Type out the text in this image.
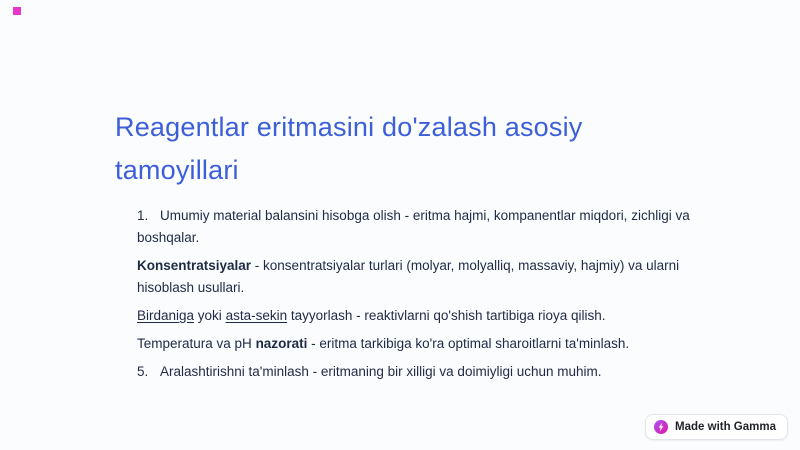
Reagentlar eritmasini do'zalash asosiy tamoyillari
1. Umumiy material balansini hisobga olish - eritma hajmi, kompanentlar miqdori, zichligi va boshqalar.
Konsentratsiyalar - konsentratsiyalar turlari (molyar, molyalliq, massaviy, hajmiy) va ularni hisoblash usullari.
Birdaniga yoki asta-sekin tayyorlash - reaktivlarni qo'shish tartibiga rioya qilish.
Temperatura va pH nazorati - eritma tarkibiga ko'ra optimal sharoitlarni ta'minlash.
5. Aralashtirishni ta'minlash - eritmaning bir xilligi va doimiyligi uchun muhim.
Made with Gamma
